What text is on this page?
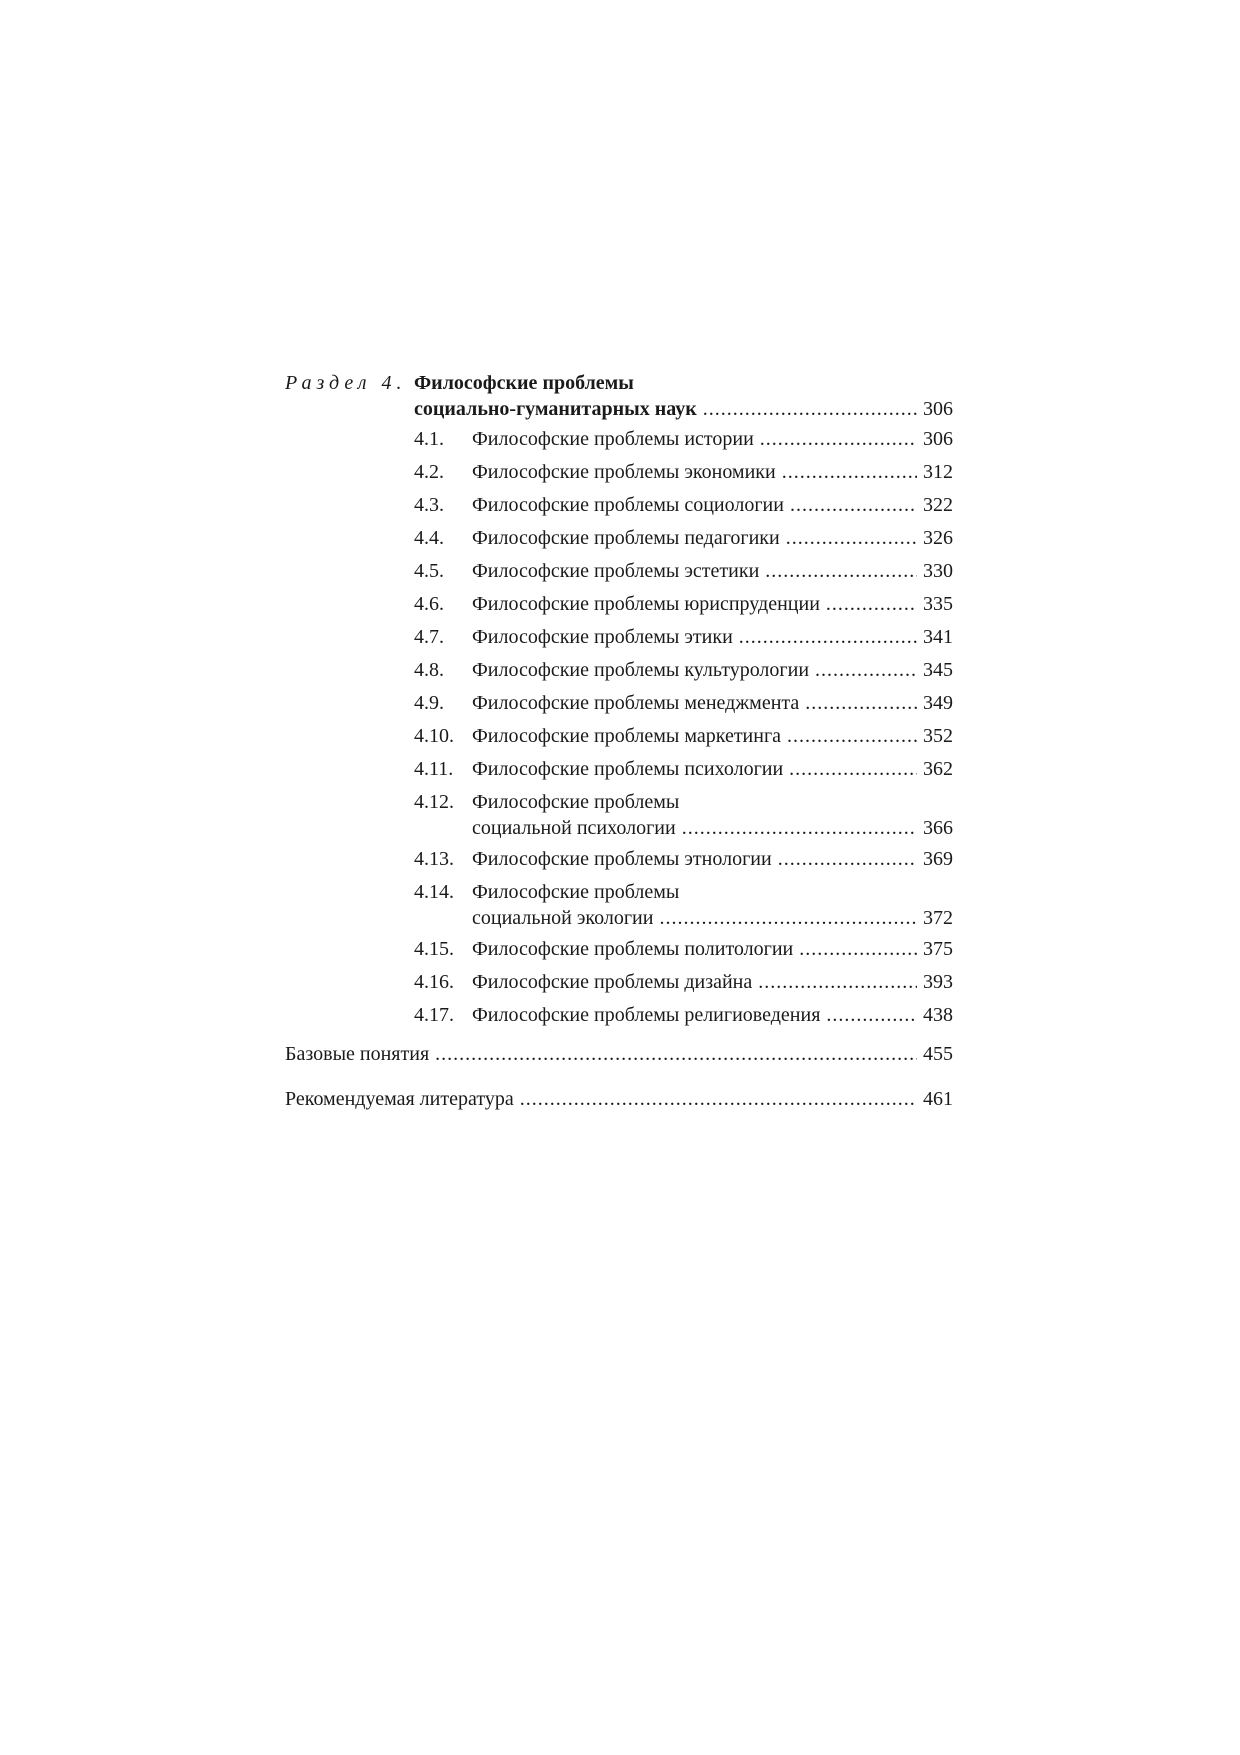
Раздел 4. Философские проблемы
социально-гуманитарных наук .....	306
4.1. Философские проблемы истории .....	306
4.2. Философские проблемы экономики .....	312
4.3. Философские проблемы социологии .....	322
4.4. Философские проблемы педагогики .....	326
4.5. Философские проблемы эстетики .....	330
4.6. Философские проблемы юриспруденции .....	335
4.7. Философские проблемы этики .....	341
4.8. Философские проблемы культурологии .....	345
4.9. Философские проблемы менеджмента .....	349
4.10. Философские проблемы маркетинга .....	352
4.11. Философские проблемы психологии .....	362
4.12. Философские проблемы
социальной психологии .....	366
4.13. Философские проблемы этнологии .....	369
4.14. Философские проблемы
социальной экологии .....	372
4.15. Философские проблемы политологии .....	375
4.16. Философские проблемы дизайна .....	393
4.17. Философские проблемы религиоведения .....	438
Базовые понятия .....	455
Рекомендуемая литература .....	461
